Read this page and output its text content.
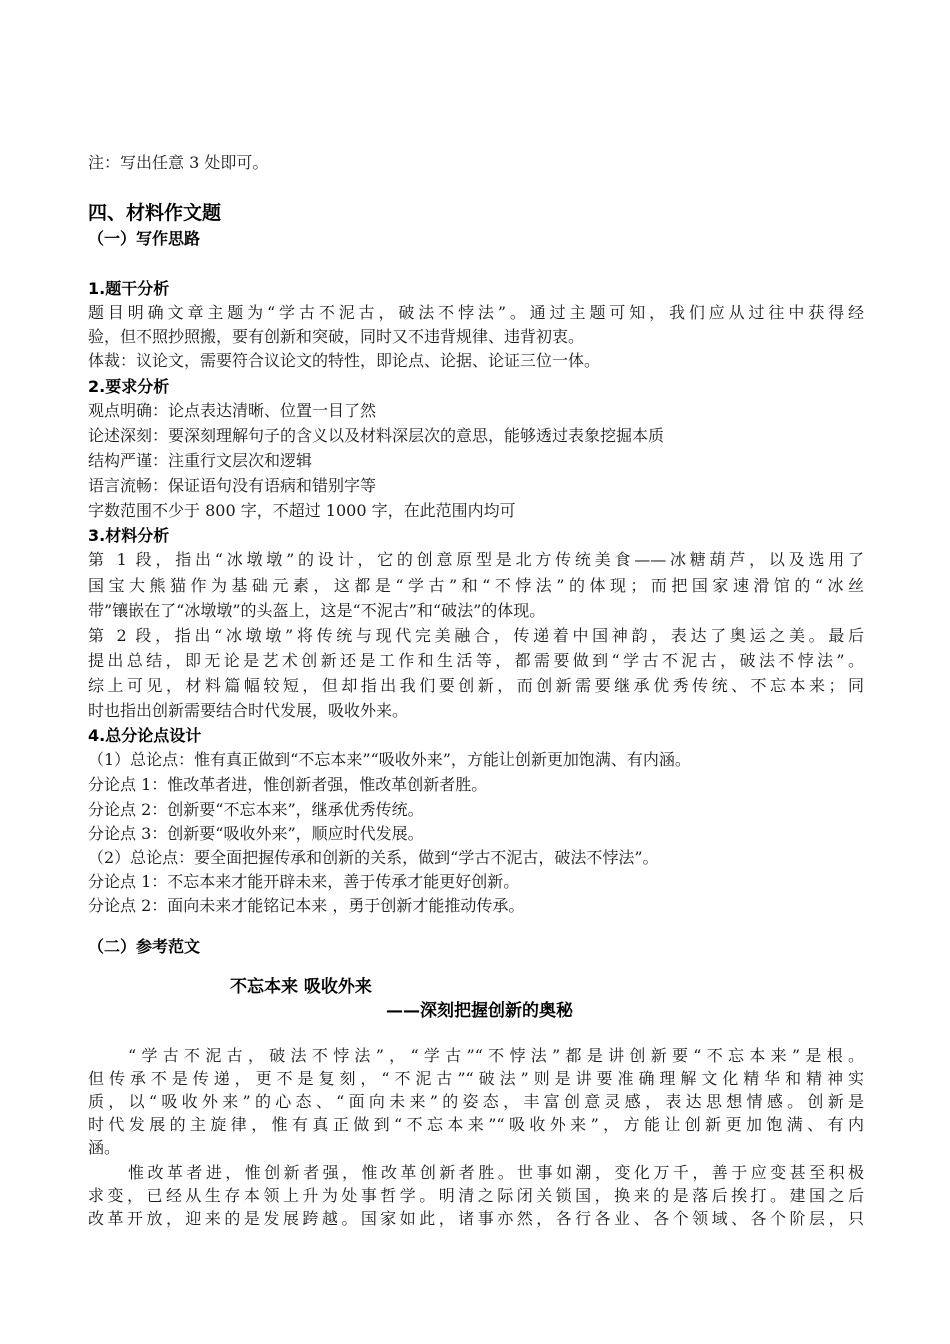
注：写出任意 3 处即可。
四、材料作文题
（一）写作思路
1.题干分析
题目明确文章主题为“学古不泥古，破法不悖法”。通过主题可知，我们应从过往中获得经
验，但不照抄照搬，要有创新和突破，同时又不违背规律、违背初衷。
体裁：议论文，需要符合议论文的特性，即论点、论据、论证三位一体。
2.要求分析
观点明确：论点表达清晰、位置一目了然
论述深刻：要深刻理解句子的含义以及材料深层次的意思，能够透过表象挖掘本质
结构严谨：注重行文层次和逻辑
语言流畅：保证语句没有语病和错别字等
字数范围不少于 800 字，不超过 1000 字，在此范围内均可
3.材料分析
第 1 段，指出“冰墩墩”的设计，它的创意原型是北方传统美食——冰糖葫芦，以及选用了
国宝大熊猫作为基础元素，这都是“学古”和“不悖法”的体现；而把国家速滑馆的“冰丝
带”镶嵌在了“冰墩墩”的头盔上，这是“不泥古”和“破法”的体现。
第 2 段，指出“冰墩墩”将传统与现代完美融合，传递着中国神韵，表达了奥运之美。最后
提出总结，即无论是艺术创新还是工作和生活等，都需要做到“学古不泥古，破法不悖法”。
综上可见，材料篇幅较短，但却指出我们要创新，而创新需要继承优秀传统、不忘本来；同
时也指出创新需要结合时代发展，吸收外来。
4.总分论点设计
（1）总论点：惟有真正做到“不忘本来”“吸收外来”，方能让创新更加饱满、有内涵。
分论点 1：惟改革者进，惟创新者强，惟改革创新者胜。
分论点 2：创新要“不忘本来”，继承优秀传统。
分论点 3：创新要“吸收外来”，顺应时代发展。
（2）总论点：要全面把握传承和创新的关系，做到“学古不泥古，破法不悖法”。
分论点 1：不忘本来才能开辟未来，善于传承才能更好创新。
分论点 2：面向未来才能铭记本来 ，勇于创新才能推动传承。
（二）参考范文
不忘本来 吸收外来
——深刻把握创新的奥秘
“学古不泥古，破法不悖法”，“学古”“不悖法”都是讲创新要“不忘本来”是根。
但传承不是传递，更不是复刻，“不泥古”“破法”则是讲要准确理解文化精华和精神实
质，以“吸收外来”的心态、“面向未来”的姿态，丰富创意灵感，表达思想情感。创新是
时代发展的主旋律，惟有真正做到“不忘本来”“吸收外来”，方能让创新更加饱满、有内
涵。
惟改革者进，惟创新者强，惟改革创新者胜。世事如潮，变化万千，善于应变甚至积极
求变，已经从生存本领上升为处事哲学。明清之际闭关锁国，换来的是落后挨打。建国之后
改革开放，迎来的是发展跨越。国家如此，诸事亦然，各行各业、各个领域、各个阶层，只
